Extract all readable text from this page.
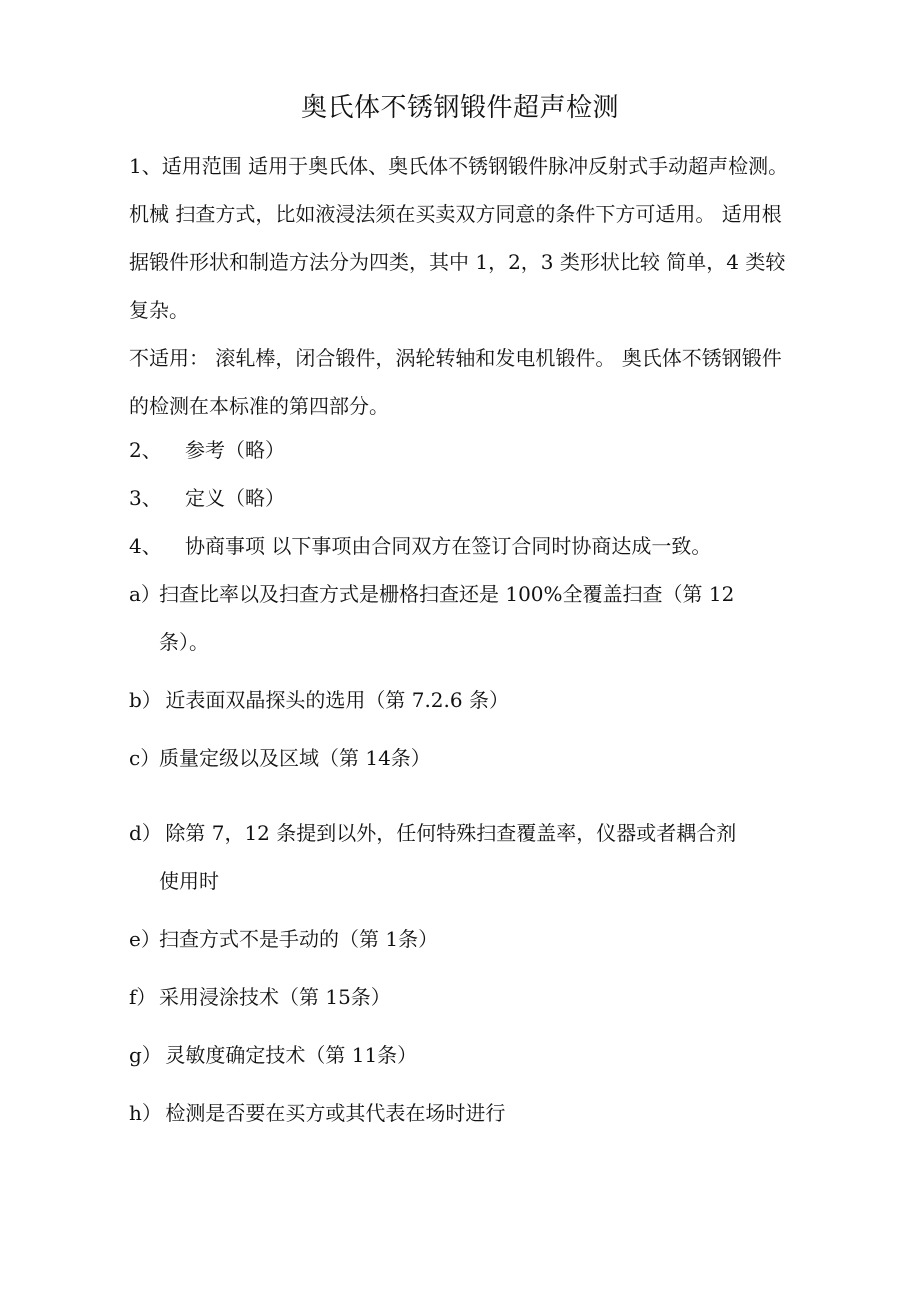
奥氏体不锈钢锻件超声检测

1、适用范围 适用于奥氏体、奥氏体不锈钢锻件脉冲反射式手动超声检测。机械 扫查方式，比如液浸法须在买卖双方同意的条件下方可适用。 适用根据锻件形状和制造方法分为四类，其中 1，2，3 类形状比较 简单，4 类较复杂。

不适用： 滚轧棒，闭合锻件，涡轮转轴和发电机锻件。 奥氏体不锈钢锻件的检测在本标准的第四部分。

2、 参考（略）
3、 定义（略）
4、 协商事项 以下事项由合同双方在签订合同时协商达成一致。
a）扫查比率以及扫查方式是栅格扫查还是 100%全覆盖扫查（第 12
条）。
b） 近表面双晶探头的选用（第 7.2.6 条）
c）质量定级以及区域（第 14条）
d） 除第 7，12 条提到以外，任何特殊扫查覆盖率，仪器或者耦合剂
使用时
e）扫查方式不是手动的（第 1条）
f） 采用浸涂技术（第 15条）
g） 灵敏度确定技术（第 11条）
h） 检测是否要在买方或其代表在场时进行
